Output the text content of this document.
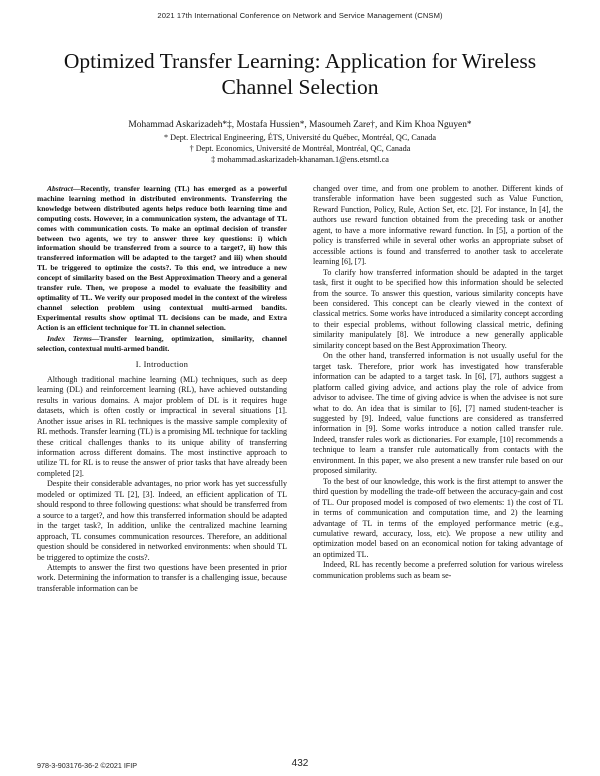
2021 17th International Conference on Network and Service Management (CNSM)
Optimized Transfer Learning: Application for Wireless Channel Selection
Mohammad Askarizadeh*‡, Mostafa Hussien*, Masoumeh Zare†, and Kim Khoa Nguyen*
* Dept. Electrical Engineering, ÉTS, Université du Québec, Montréal, QC, Canada
† Dept. Economics, Université de Montréal, Montréal, QC, Canada
‡ mohammad.askarizadeh-khanaman.1@ens.etsmtl.ca

Abstract—Recently, transfer learning (TL) has emerged as a powerful machine learning method in distributed environments. Transferring the knowledge between distributed agents helps reduce both learning time and computing costs. However, in a communication system, the advantage of TL comes with communication costs. To make an optimal decision of transfer between two agents, we try to answer three key questions: i) which information should be transferred from a source to a target?, ii) how this transferred information will be adapted to the target? and iii) when should TL be triggered to optimize the costs?. To this end, we introduce a new concept of similarity based on the Best Approximation Theory and a general transfer rule. Then, we propose a model to evaluate the feasibility and optimality of TL. We verify our proposed model in the context of the wireless channel selection problem using contextual multi-armed bandits. Experimental results show optimal TL decisions can be made, and Extra Action is an efficient technique for TL in channel selection.

Index Terms—Transfer learning, optimization, similarity, channel selection, contextual multi-armed bandit.

I. Introduction

Although traditional machine learning (ML) techniques, such as deep learning (DL) and reinforcement learning (RL), have achieved outstanding results in various domains. A major problem of DL is it requires huge datasets, which is often costly or impractical in several situations [1]. Another issue arises in RL techniques is the massive sample complexity of RL methods. Transfer learning (TL) is a promising ML technique for tackling these critical challenges thanks to its unique ability of transferring information across different domains. The most instinctive approach to utilize TL for RL is to reuse the answer of prior tasks that have already been completed [2].

Despite their considerable advantages, no prior work has yet successfully modeled or optimized TL [2], [3]. Indeed, an efficient application of TL should respond to three following questions: what should be transferred from a source to a target?, and how this transferred information should be adapted in the target task?, In addition, unlike the centralized machine learning approach, TL consumes communication resources. Therefore, an additional question should be considered in networked environments: when should TL be triggered to optimize the costs?.

Attempts to answer the first two questions have been presented in prior work. Determining the information to transfer is a challenging issue, because transferable information can be

changed over time, and from one problem to another. Different kinds of transferable information have been suggested such as Value Function, Reward Function, Policy, Rule, Action Set, etc. [2]. For instance, In [4], the authors use reward function obtained from the preceding task or another agent, to have a more informative reward function. In [5], a portion of the policy is transferred while in several other works an appropriate subset of accessible actions is found and transferred to another task to accelerate learning [6], [7].

To clarify how transferred information should be adapted in the target task, first it ought to be specified how this information should be selected from the source. To answer this question, various similarity concepts have been considered. This concept can be clearly viewed in the context of classical metrics. Some works have introduced a similarity concept according to their especial problems, without following classical metric, defining similarity manipulately [8]. We introduce a new generally applicable similarity concept based on the Best Approximation Theory.

On the other hand, transferred information is not usually useful for the target task. Therefore, prior work has investigated how transferable information can be adapted to a target task. In [6], [7], authors suggest a platform called giving advice, and actions play the role of advice from advisor to advisee. The time of giving advice is when the advisee is not sure what to do. An idea that is similar to [6], [7] named student-teacher is suggested by [9]. Indeed, value functions are considered as transferred information in [9]. Some works introduce a notion called transfer rule. Indeed, transfer rules work as dictionaries. For example, [10] recommends a technique to learn a transfer rule automatically from contacts with the environment. In this paper, we also present a new transfer rule based on our proposed similarity.

To the best of our knowledge, this work is the first attempt to answer the third question by modelling the trade-off between the accuracy-gain and cost of TL. Our proposed model is composed of two elements: 1) the cost of TL in terms of communication and computation time, and 2) the learning advantage of TL in terms of the employed performance metric (e.g., cumulative reward, accuracy, loss, etc). We propose a new utility and optimization model based on an economical notion for taking advantage of an optimized TL.

Indeed, RL has recently become a preferred solution for various wireless communication problems such as beam se-

978-3-903176-36-2 ©2021 IFIP	432
